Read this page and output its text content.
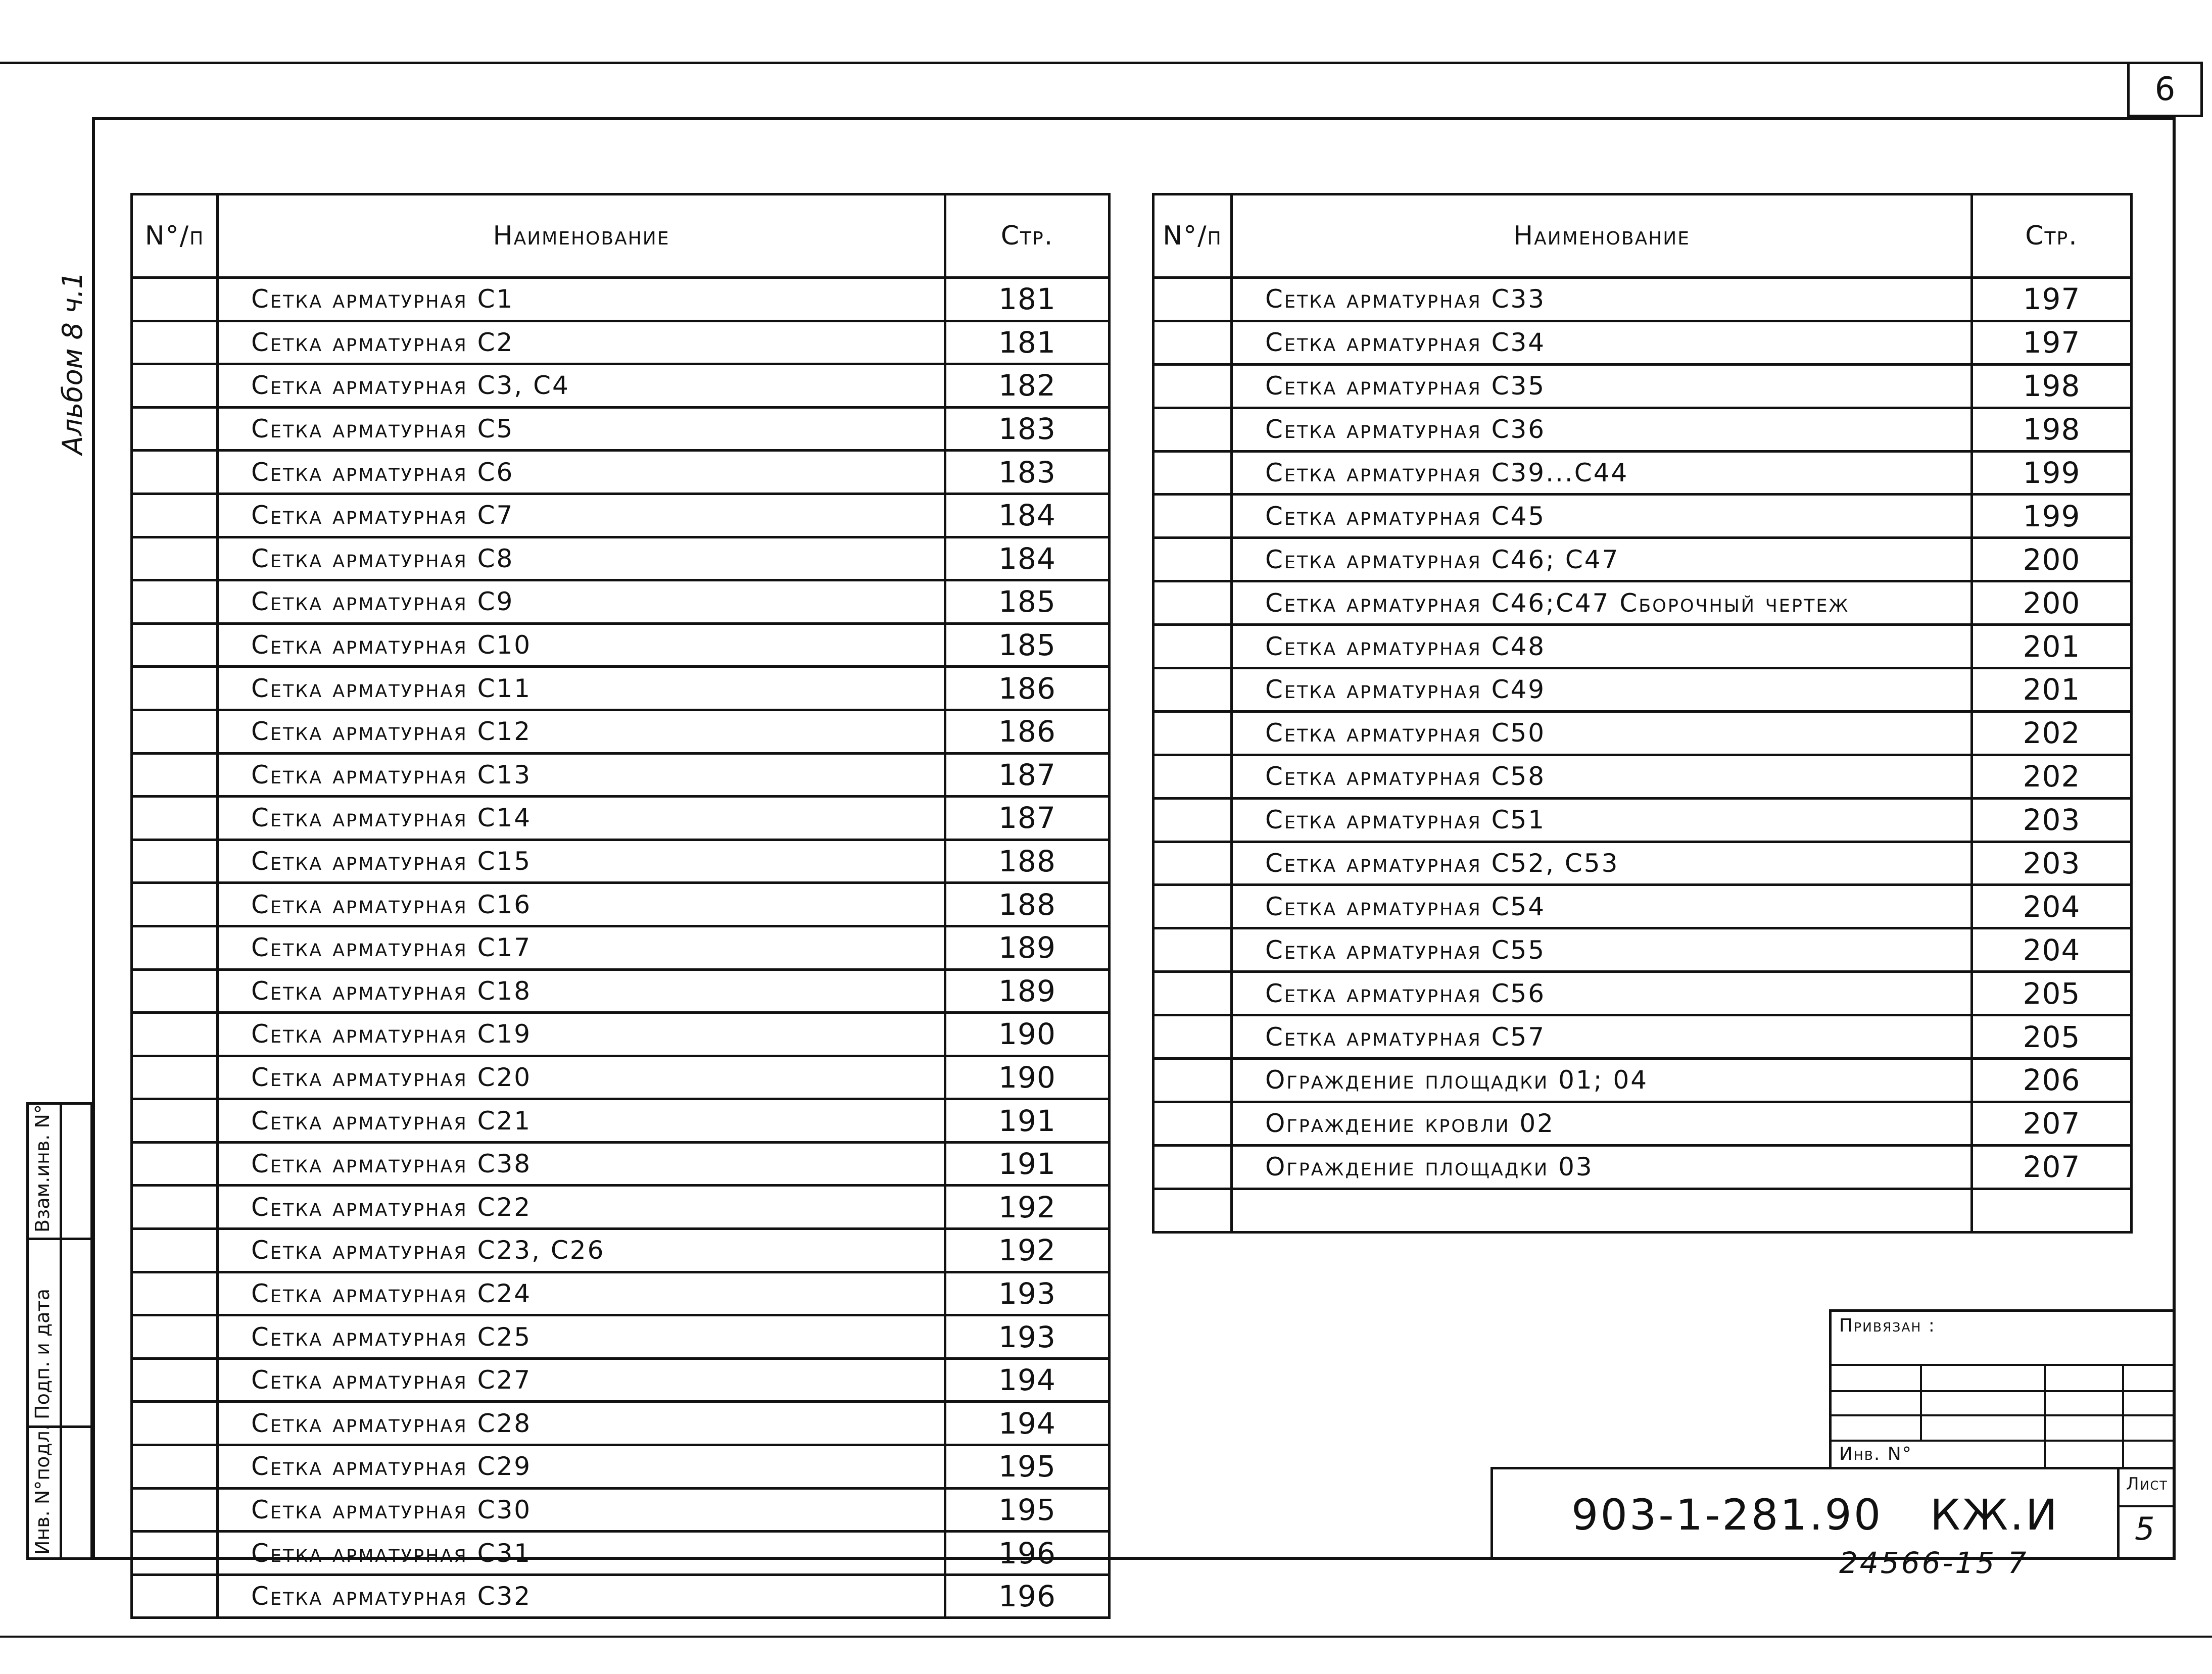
6
Альбом 8 ч.1
N°/п	Наименование	Стр.
	Сетка арматурная С1	181
	Сетка арматурная С2	181
	Сетка арматурная С3, С4	182
	Сетка арматурная С5	183
	Сетка арматурная С6	183
	Сетка арматурная С7	184
	Сетка арматурная С8	184
	Сетка арматурная С9	185
	Сетка арматурная С10	185
	Сетка арматурная С11	186
	Сетка арматурная С12	186
	Сетка арматурная С13	187
	Сетка арматурная С14	187
	Сетка арматурная С15	188
	Сетка арматурная С16	188
	Сетка арматурная С17	189
	Сетка арматурная С18	189
	Сетка арматурная С19	190
	Сетка арматурная С20	190
	Сетка арматурная С21	191
	Сетка арматурная С38	191
	Сетка арматурная С22	192
	Сетка арматурная С23, С26	192
	Сетка арматурная С24	193
	Сетка арматурная С25	193
	Сетка арматурная С27	194
	Сетка арматурная С28	194
	Сетка арматурная С29	195
	Сетка арматурная С30	195
	Сетка арматурная С31	196
	Сетка арматурная С32	196
N°/п	Наименование	Стр.
	Сетка арматурная С33	197
	Сетка арматурная С34	197
	Сетка арматурная С35	198
	Сетка арматурная С36	198
	Сетка арматурная С39...С44	199
	Сетка арматурная С45	199
	Сетка арматурная С46; С47	200
	Сетка арматурная С46;С47 Сборочный чертеж	200
	Сетка арматурная С48	201
	Сетка арматурная С49	201
	Сетка арматурная С50	202
	Сетка арматурная С58	202
	Сетка арматурная С51	203
	Сетка арматурная С52, С53	203
	Сетка арматурная С54	204
	Сетка арматурная С55	204
	Сетка арматурная С56	205
	Сетка арматурная С57	205
	Ограждение площадки 01; 04	206
	Ограждение кровли 02	207
	Ограждение площадки 03	207

Взам.инв. N°
Подп. и дата
Инв. N°подл.
Привязан :
Инв. N°
Лист
5
903-1-281.90 КЖ.И
24566-15 7
